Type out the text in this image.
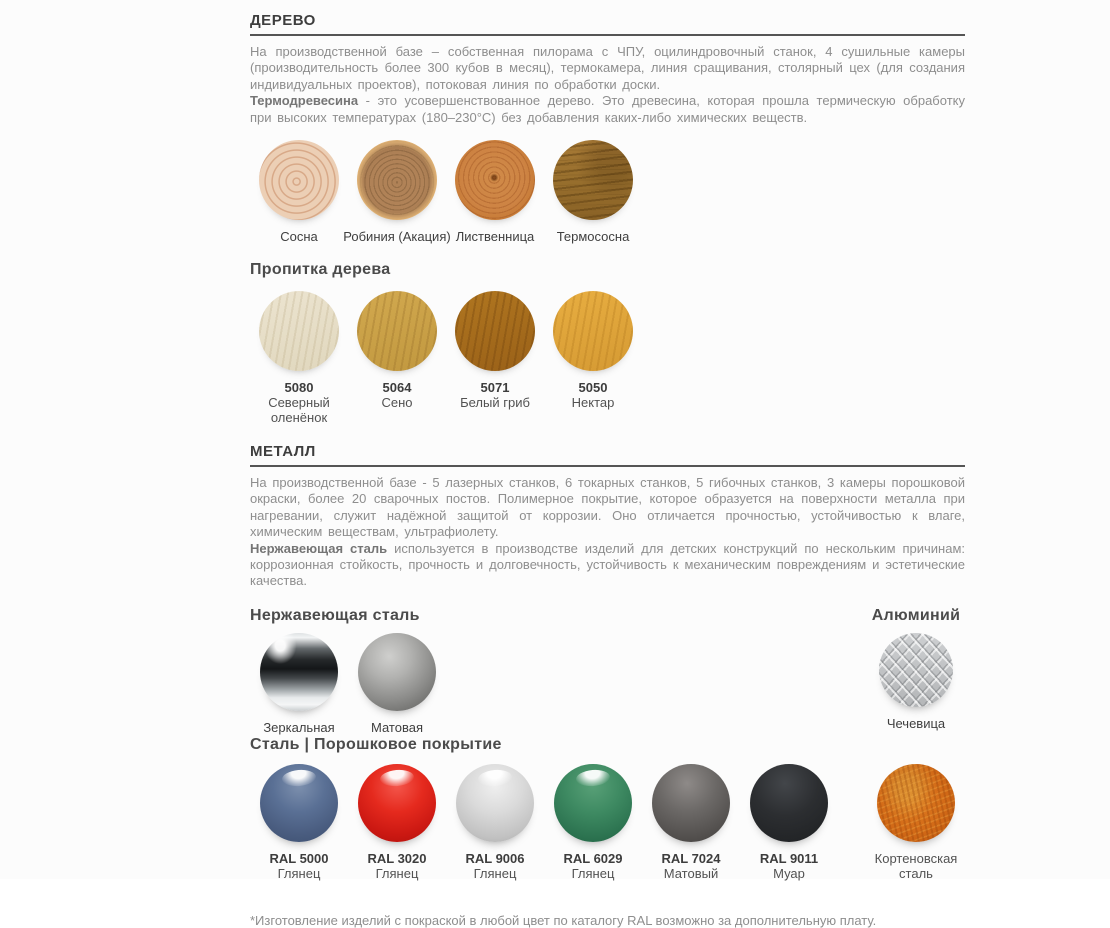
ДЕРЕВО

На производственной базе – собственная пилорама с ЧПУ, оцилиндровочный станок, 4 сушильные камеры (производительность более 300 кубов в месяц), термокамера, линия сращивания, столярный цех (для создания индивидуальных проектов), потоковая линия по обработки доски.

Термодревесина - это усовершенствованное дерево. Это древесина, которая прошла термическую обработку при высоких температурах (180–230°С) без добавления каких-либо химических веществ.

Сосна Робиния (Акация) Лиственница Термососна
Пропитка дерева
5080
Северный оленёнок
5064
Сено
5071
Белый гриб
5050
Нектар
МЕТАЛЛ

На производственной базе - 5 лазерных станков, 6 токарных станков, 5 гибочных станков, 3 камеры порошковой окраски, более 20 сварочных постов. Полимерное покрытие, которое образуется на поверхности металла при нагревании, служит надёжной защитой от коррозии. Оно отличается прочностью, устойчивостью к влаге, химическим веществам, ультрафиолету.

Нержавеющая сталь используется в производстве изделий для детских конструкций по нескольким причинам: коррозионная стойкость, прочность и долговечность, устойчивость к механическим повреждениям и эстетические качества.

Нержавеющая сталь
Зеркальная	Матовая
Алюминий
Чечевица
Сталь | Порошковое покрытие
RAL 5000
Глянец
RAL 3020
Глянец
RAL 9006
Глянец
RAL 6029
Глянец
RAL 7024
Матовый
RAL 9011
Муар
Кортеновская сталь

*Изготовление изделий с покраской в любой цвет по каталогу RAL возможно за дополнительную плату.
